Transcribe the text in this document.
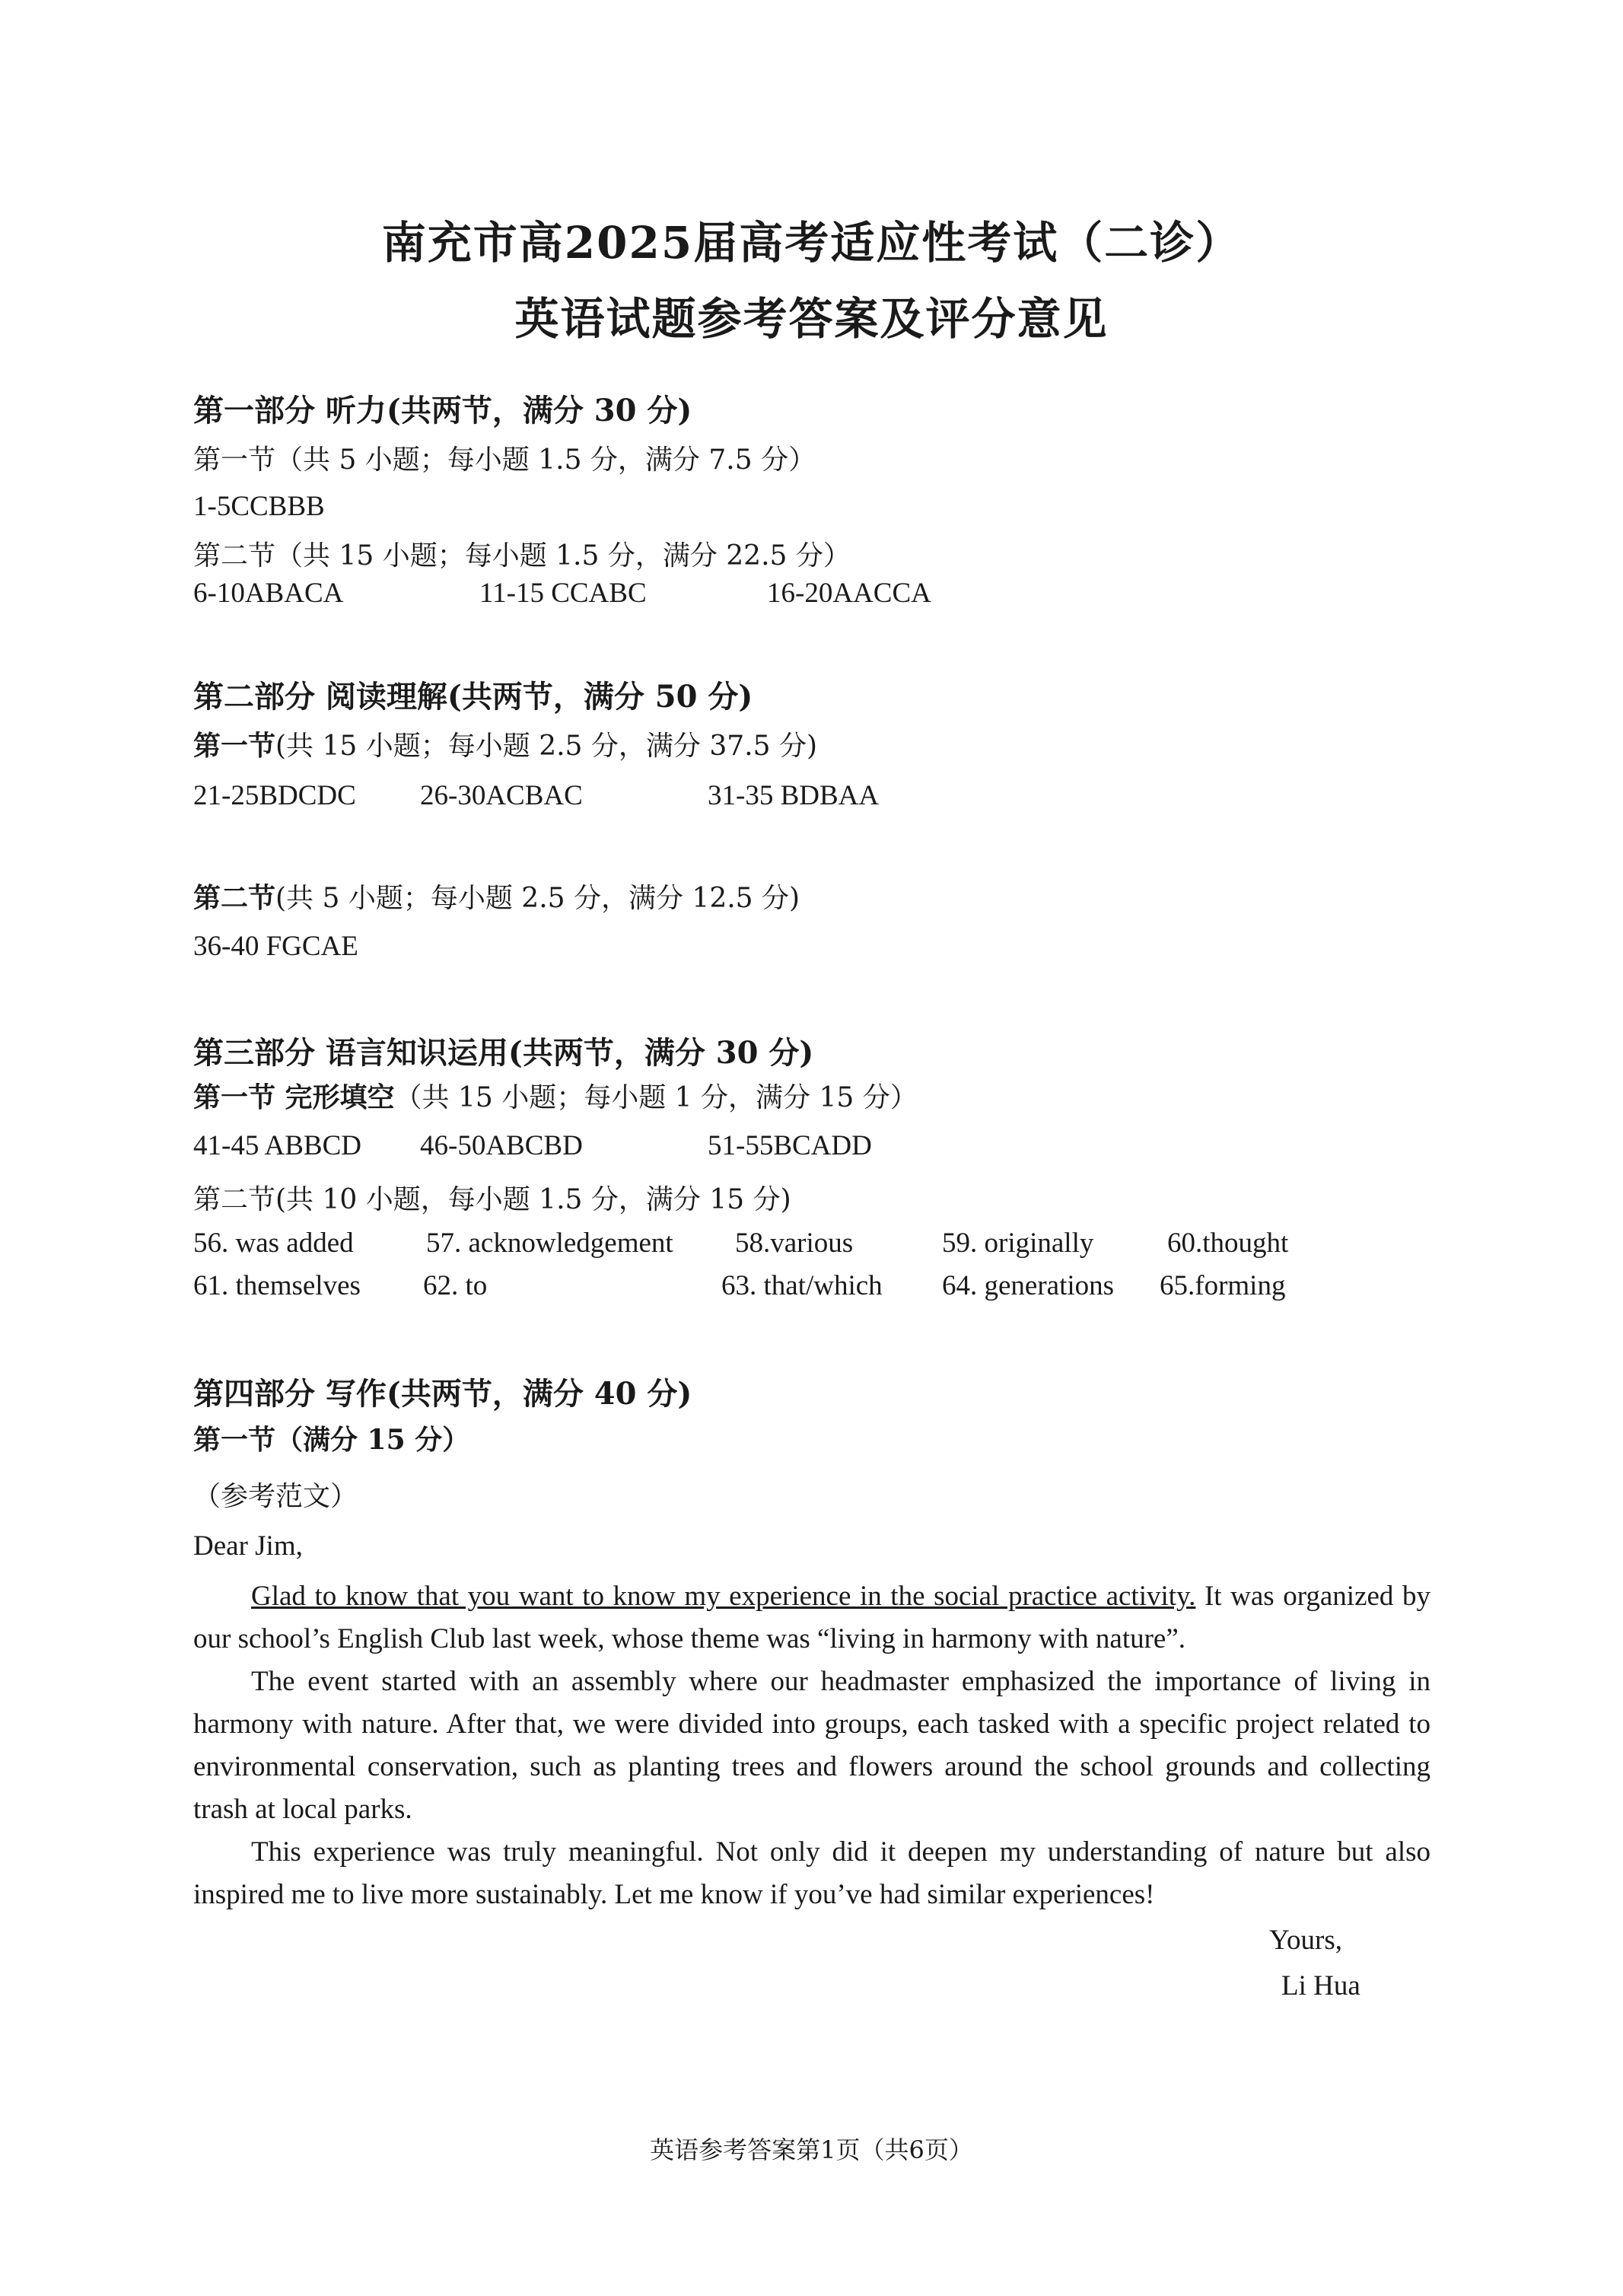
南充市高2025届高考适应性考试（二诊）
英语试题参考答案及评分意见
第一部分 听力(共两节，满分 30 分)
第一节（共 5 小题；每小题 1.5 分，满分 7.5 分）
1-5CCBBB
第二节（共 15 小题；每小题 1.5 分，满分 22.5 分）
6-10ABACA	11-15 CCABC	16-20AACCA
第二部分 阅读理解(共两节，满分 50 分)
第一节(共 15 小题；每小题 2.5 分，满分 37.5 分)
21-25BDCDC 26-30ACBAC	31-35 BDBAA
第二节(共 5 小题；每小题 2.5 分，满分 12.5 分)
36-40 FGCAE
第三部分 语言知识运用(共两节，满分 30 分)
第一节 完形填空（共 15 小题；每小题 1 分，满分 15 分）
41-45 ABBCD 46-50ABCBD	51-55BCADD
第二节(共 10 小题，每小题 1.5 分，满分 15 分)
56. was added	57. acknowledgement 58.various	59. originally	60.thought
61. themselves 62. to	63. that/which 64. generations 65.forming
第四部分 写作(共两节，满分 40 分)
第一节（满分 15 分）
（参考范文）
Dear Jim,
Glad to know that you want to know my experience in the social practice activity. It was organized by our school’s English Club last week, whose theme was “living in harmony with nature”.
The event started with an assembly where our headmaster emphasized the importance of living in harmony with nature. After that, we were divided into groups, each tasked with a specific project related to environmental conservation, such as planting trees and flowers around the school grounds and collecting trash at local parks.
This experience was truly meaningful. Not only did it deepen my understanding of nature but also inspired me to live more sustainably. Let me know if you’ve had similar experiences!
Yours,
Li Hua
英语参考答案第1页（共6页）
